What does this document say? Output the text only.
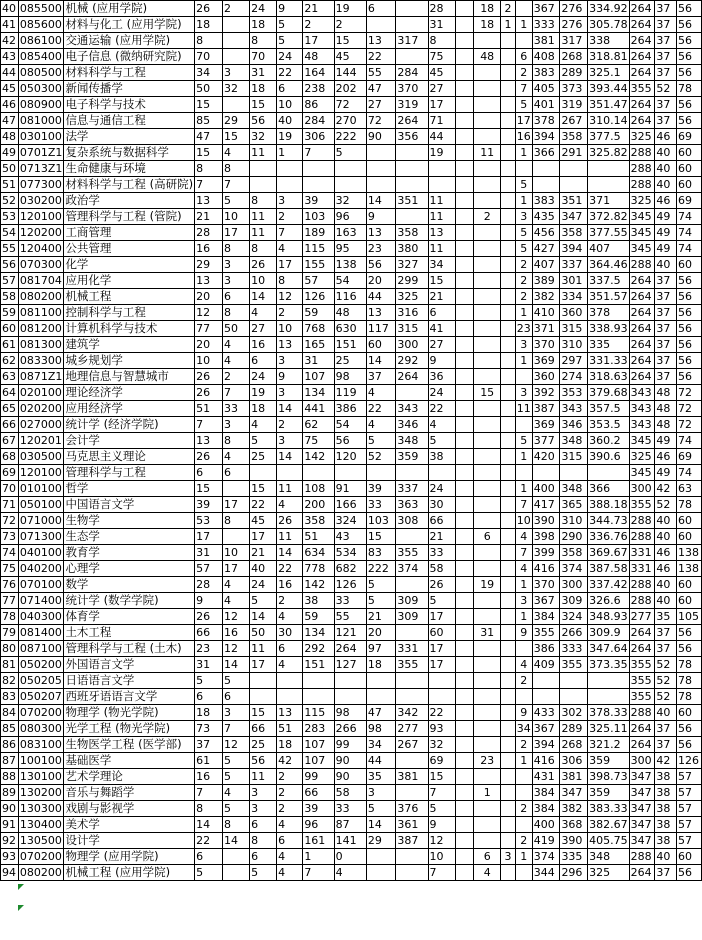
40	085500	机械 (应用学院)	26	2	24	9	21	19	6		28		18	2		367	276	334.92	264	37	56
41	085600	材料与化工 (应用学院)	18		18	5	2	2			31		18	1	1	333	276	305.78	264	37	56
42	086100	交通运输 (应用学院)	8		8	5	17	15	13	317	8					381	317	338	264	37	56
43	085400	电子信息 (微纳研究院)	70		70	24	48	45	22		75		48		6	408	268	318.81	264	37	56
44	080500	材料科学与工程	34	3	31	22	164	144	55	284	45				2	383	289	325.1	264	37	56
45	050300	新闻传播学	50	32	18	6	238	202	47	370	27				7	405	373	393.44	355	52	78
46	080900	电子科学与技术	15		15	10	86	72	27	319	17				5	401	319	351.47	264	37	56
47	081000	信息与通信工程	85	29	56	40	284	270	72	264	71				17	378	267	310.14	264	37	56
48	030100	法学	47	15	32	19	306	222	90	356	44				16	394	358	377.5	325	46	69
49	0701Z1	复杂系统与数据科学	15	4	11	1	7	5			19		11		1	366	291	325.82	288	40	60
50	0713Z1	生命健康与环境	8	8															288	40	60
51	077300	材料科学与工程 (高研院)	7	7											5				288	40	60
52	030200	政治学	13	5	8	3	39	32	14	351	11				1	383	351	371	325	46	69
53	120100	管理科学与工程 (管院)	21	10	11	2	103	96	9		11		2		3	435	347	372.82	345	49	74
54	120200	工商管理	28	17	11	7	189	163	13	358	13				5	456	358	377.55	345	49	74
55	120400	公共管理	16	8	8	4	115	95	23	380	11				5	427	394	407	345	49	74
56	070300	化学	29	3	26	17	155	138	56	327	34				2	407	337	364.46	288	40	60
57	081704	应用化学	13	3	10	8	57	54	20	299	15				2	389	301	337.5	264	37	56
58	080200	机械工程	20	6	14	12	126	116	44	325	21				2	382	334	351.57	264	37	56
59	081100	控制科学与工程	12	8	4	2	59	48	13	316	6				1	410	360	378	264	37	56
60	081200	计算机科学与技术	77	50	27	10	768	630	117	315	41				23	371	315	338.93	264	37	56
61	081300	建筑学	20	4	16	13	165	151	60	300	27				3	370	310	335	264	37	56
62	083300	城乡规划学	10	4	6	3	31	25	14	292	9				1	369	297	331.33	264	37	56
63	0871Z1	地理信息与智慧城市	26	2	24	9	107	98	37	264	36					360	274	318.63	264	37	56
64	020100	理论经济学	26	7	19	3	134	119	4		24		15		3	392	353	379.68	343	48	72
65	020200	应用经济学	51	33	18	14	441	386	22	343	22				11	387	343	357.5	343	48	72
66	027000	统计学 (经济学院)	7	3	4	2	62	54	4	346	4					369	346	353.5	343	48	72
67	120201	会计学	13	8	5	3	75	56	5	348	5				5	377	348	360.2	345	49	74
68	030500	马克思主义理论	26	4	25	14	142	120	52	359	38				1	420	315	390.6	325	46	69
69	120100	管理科学与工程	6	6															345	49	74
70	010100	哲学	15		15	11	108	91	39	337	24				1	400	348	366	300	42	63
71	050100	中国语言文学	39	17	22	4	200	166	33	363	30				7	417	365	388.18	355	52	78
72	071000	生物学	53	8	45	26	358	324	103	308	66				10	390	310	344.73	288	40	60
73	071300	生态学	17		17	11	51	43	15		21		6		4	398	290	336.76	288	40	60
74	040100	教育学	31	10	21	14	634	534	83	355	33				7	399	358	369.67	331	46	138
75	040200	心理学	57	17	40	22	778	682	222	374	58				4	416	374	387.58	331	46	138
76	070100	数学	28	4	24	16	142	126	5		26		19		1	370	300	337.42	288	40	60
77	071400	统计学 (数学学院)	9	4	5	2	38	33	5	309	5				3	367	309	326.6	288	40	60
78	040300	体育学	26	12	14	4	59	55	21	309	17				1	384	324	348.93	277	35	105
79	081400	土木工程	66	16	50	30	134	121	20		60		31		9	355	266	309.9	264	37	56
80	087100	管理科学与工程 (土木)	23	12	11	6	292	264	97	331	17					386	333	347.64	264	37	56
81	050200	外国语言文学	31	14	17	4	151	127	18	355	17				4	409	355	373.35	355	52	78
82	050205	日语语言文学	5	5											2				355	52	78
83	050207	西班牙语语言文学	6	6															355	52	78
84	070200	物理学 (物光学院)	18	3	15	13	115	98	47	342	22				9	433	302	378.33	288	40	60
85	080300	光学工程 (物光学院)	73	7	66	51	283	266	98	277	93				34	367	289	325.11	264	37	56
86	083100	生物医学工程 (医学部)	37	12	25	18	107	99	34	267	32				2	394	268	321.2	264	37	56
87	100100	基础医学	61	5	56	42	107	90	44		69		23		1	416	306	359	300	42	126
88	130100	艺术学理论	16	5	11	2	99	90	35	381	15					431	381	398.73	347	38	57
89	130200	音乐与舞蹈学	7	4	3	2	66	58	3		7		1			384	347	359	347	38	57
90	130300	戏剧与影视学	8	5	3	2	39	33	5	376	5				2	384	382	383.33	347	38	57
91	130400	美术学	14	8	6	4	96	87	14	361	9					400	368	382.67	347	38	57
92	130500	设计学	22	14	8	6	161	141	29	387	12				2	419	390	405.75	347	38	57
93	070200	物理学 (应用学院)	6		6	4	1	0			10		6	3	1	374	335	348	288	40	60
94	080200	机械工程 (应用学院)	5		5	4	7	4			7		4			344	296	325	264	37	56
